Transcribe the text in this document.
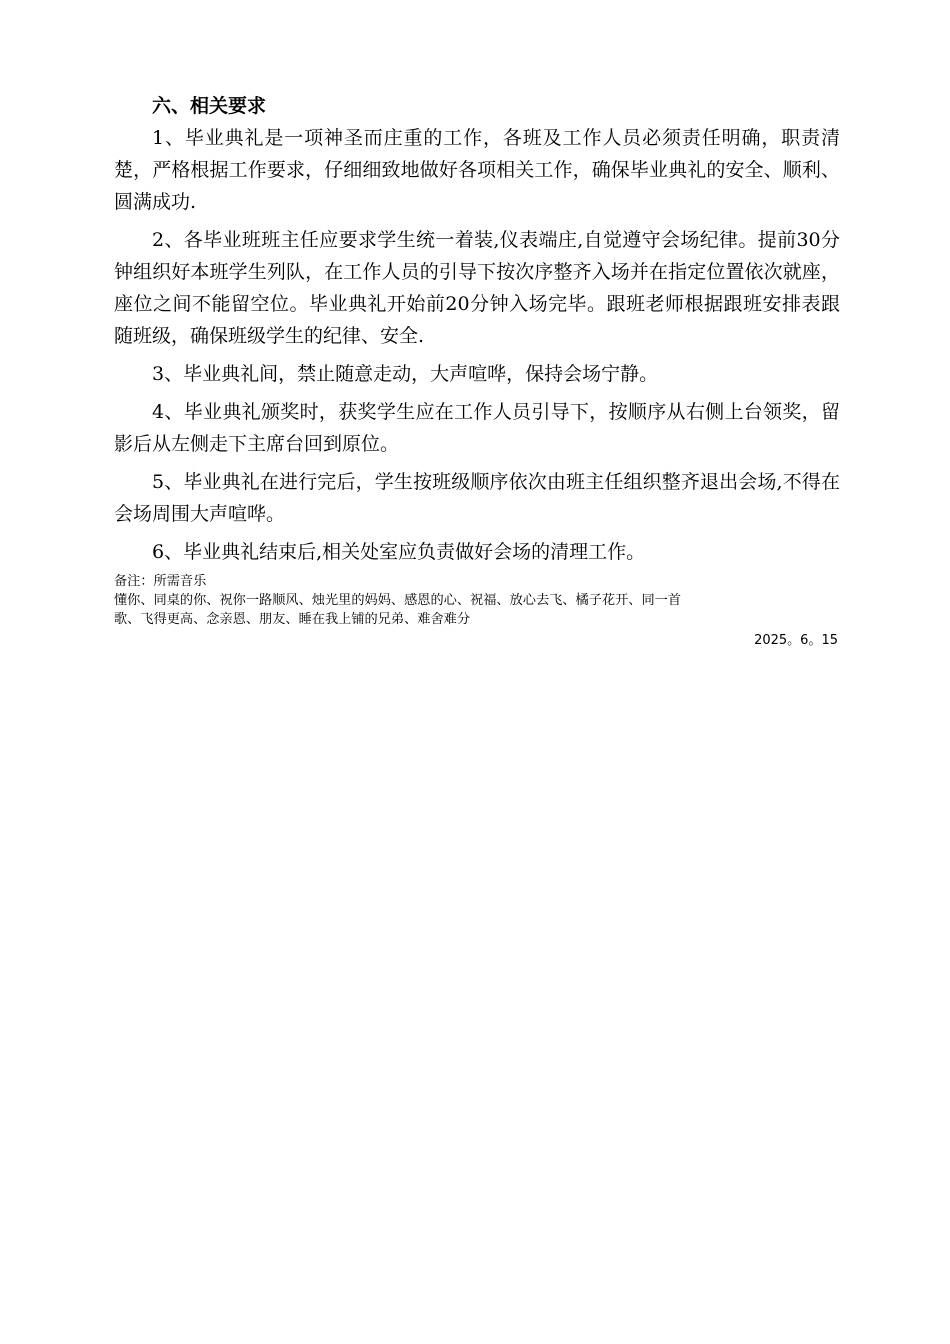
六、相关要求

1、毕业典礼是一项神圣而庄重的工作，各班及工作人员必须责任明确，职责清楚，严格根据工作要求，仔细细致地做好各项相关工作，确保毕业典礼的安全、顺利、圆满成功.

2、各毕业班班主任应要求学生统一着装,仪表端庄,自觉遵守会场纪律。提前30分钟组织好本班学生列队，在工作人员的引导下按次序整齐入场并在指定位置依次就座，座位之间不能留空位。毕业典礼开始前20分钟入场完毕。跟班老师根据跟班安排表跟随班级，确保班级学生的纪律、安全.

3、毕业典礼间，禁止随意走动，大声喧哗，保持会场宁静。

4、毕业典礼颁奖时，获奖学生应在工作人员引导下，按顺序从右侧上台领奖，留影后从左侧走下主席台回到原位。

5、毕业典礼在进行完后，学生按班级顺序依次由班主任组织整齐退出会场,不得在会场周围大声喧哗。

6、毕业典礼结束后,相关处室应负责做好会场的清理工作。

备注：所需音乐

懂你、同桌的你、祝你一路顺风、烛光里的妈妈、感恩的心、祝福、放心去飞、橘子花开、同一首

歌、飞得更高、念亲恩、朋友、睡在我上铺的兄弟、难舍难分

2025。6。15
